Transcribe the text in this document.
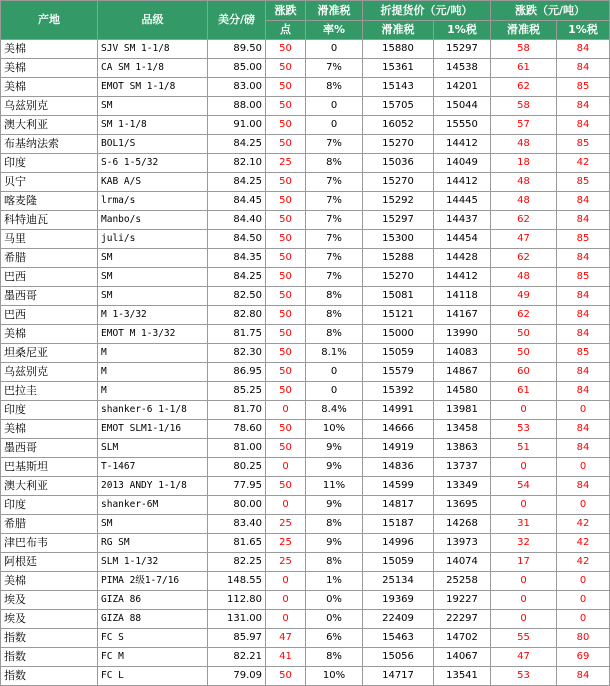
产地	品级	美分/磅	涨跌	滑准税	折提货价（元/吨）		涨跌（元/吨）	
			点	率%	滑准税	1%税	滑准税	1%税
美棉	SJV SM 1-1/8	89.50	50	0	15880	15297	58	84
美棉	CA SM 1-1/8	85.00	50	7%	15361	14538	61	84
美棉	EMOT SM 1-1/8	83.00	50	8%	15143	14201	62	85
乌兹别克	SM	88.00	50	0	15705	15044	58	84
澳大利亚	SM 1-1/8	91.00	50	0	16052	15550	57	84
布基纳法索	BOL1/S	84.25	50	7%	15270	14412	48	85
印度	S-6 1-5/32	82.10	25	8%	15036	14049	18	42
贝宁	KAB A/S	84.25	50	7%	15270	14412	48	85
喀麦隆	lrma/s	84.45	50	7%	15292	14445	48	84
科特迪瓦	Manbo/s	84.40	50	7%	15297	14437	62	84
马里	juli/s	84.50	50	7%	15300	14454	47	85
希腊	SM	84.35	50	7%	15288	14428	62	84
巴西	SM	84.25	50	7%	15270	14412	48	85
墨西哥	SM	82.50	50	8%	15081	14118	49	84
巴西	M 1-3/32	82.80	50	8%	15121	14167	62	84
美棉	EMOT M 1-3/32	81.75	50	8%	15000	13990	50	84
坦桑尼亚	M	82.30	50	8.1%	15059	14083	50	85
乌兹别克	M	86.95	50	0	15579	14867	60	84
巴拉圭	M	85.25	50	0	15392	14580	61	84
印度	shanker-6 1-1/8	81.70	0	8.4%	14991	13981	0	0
美棉	EMOT SLM1-1/16	78.60	50	10%	14666	13458	53	84
墨西哥	SLM	81.00	50	9%	14919	13863	51	84
巴基斯坦	T-1467	80.25	0	9%	14836	13737	0	0
澳大利亚	2013 ANDY 1-1/8	77.95	50	11%	14599	13349	54	84
印度	shanker-6M	80.00	0	9%	14817	13695	0	0
希腊	SM	83.40	25	8%	15187	14268	31	42
津巴布韦	RG SM	81.65	25	9%	14996	13973	32	42
阿根廷	SLM 1-1/32	82.25	25	8%	15059	14074	17	42
美棉	PIMA 2级1-7/16	148.55	0	1%	25134	25258	0	0
埃及	GIZA 86	112.80	0	0%	19369	19227	0	0
埃及	GIZA 88	131.00	0	0%	22409	22297	0	0
指数	FC S	85.97	47	6%	15463	14702	55	80
指数	FC M	82.21	41	8%	15056	14067	47	69
指数	FC L	79.09	50	10%	14717	13541	53	84
